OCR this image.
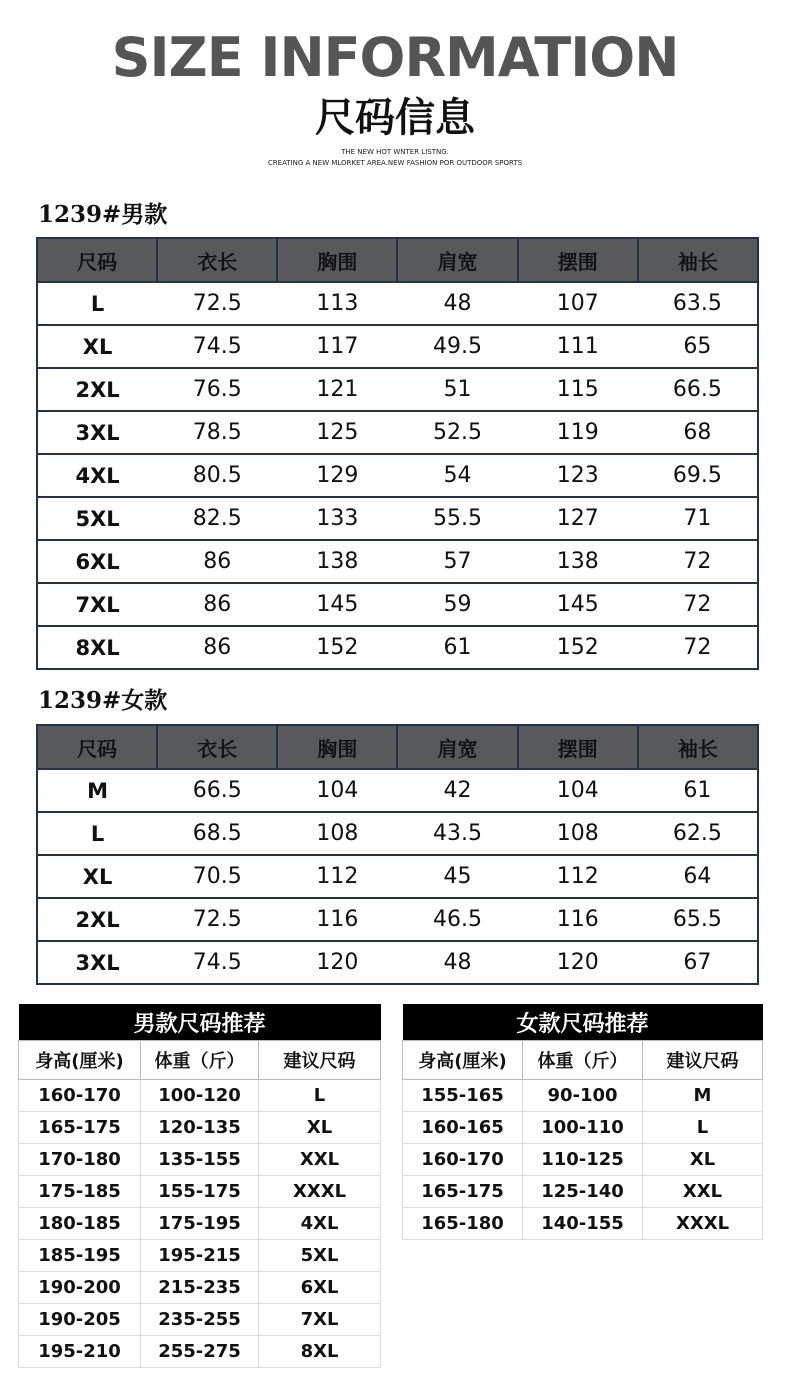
SIZE INFORMATION
尺码信息
THE NEW HOT WNTER LISTNG.
CREATING A NEW MLORKET AREA.NEW FASHION POR OUTDOOR SPORTS
1239#男款
尺码	衣长	胸围	肩宽	摆围	袖长
L	72.5	113	48	107	63.5
XL	74.5	117	49.5	111	65
2XL	76.5	121	51	115	66.5
3XL	78.5	125	52.5	119	68
4XL	80.5	129	54	123	69.5
5XL	82.5	133	55.5	127	71
6XL	86	138	57	138	72
7XL	86	145	59	145	72
8XL	86	152	61	152	72
1239#女款
尺码	衣长	胸围	肩宽	摆围	袖长
M	66.5	104	42	104	61
L	68.5	108	43.5	108	62.5
XL	70.5	112	45	112	64
2XL	72.5	116	46.5	116	65.5
3XL	74.5	120	48	120	67
男款尺码推荐		
身高(厘米)	体重（斤）	建议尺码
160-170	100-120	L
165-175	120-135	XL
170-180	135-155	XXL
175-185	155-175	XXXL
180-185	175-195	4XL
185-195	195-215	5XL
190-200	215-235	6XL
190-205	235-255	7XL
195-210	255-275	8XL
女款尺码推荐		
身高(厘米)	体重（斤）	建议尺码
155-165	90-100	M
160-165	100-110	L
160-170	110-125	XL
165-175	125-140	XXL
165-180	140-155	XXXL
